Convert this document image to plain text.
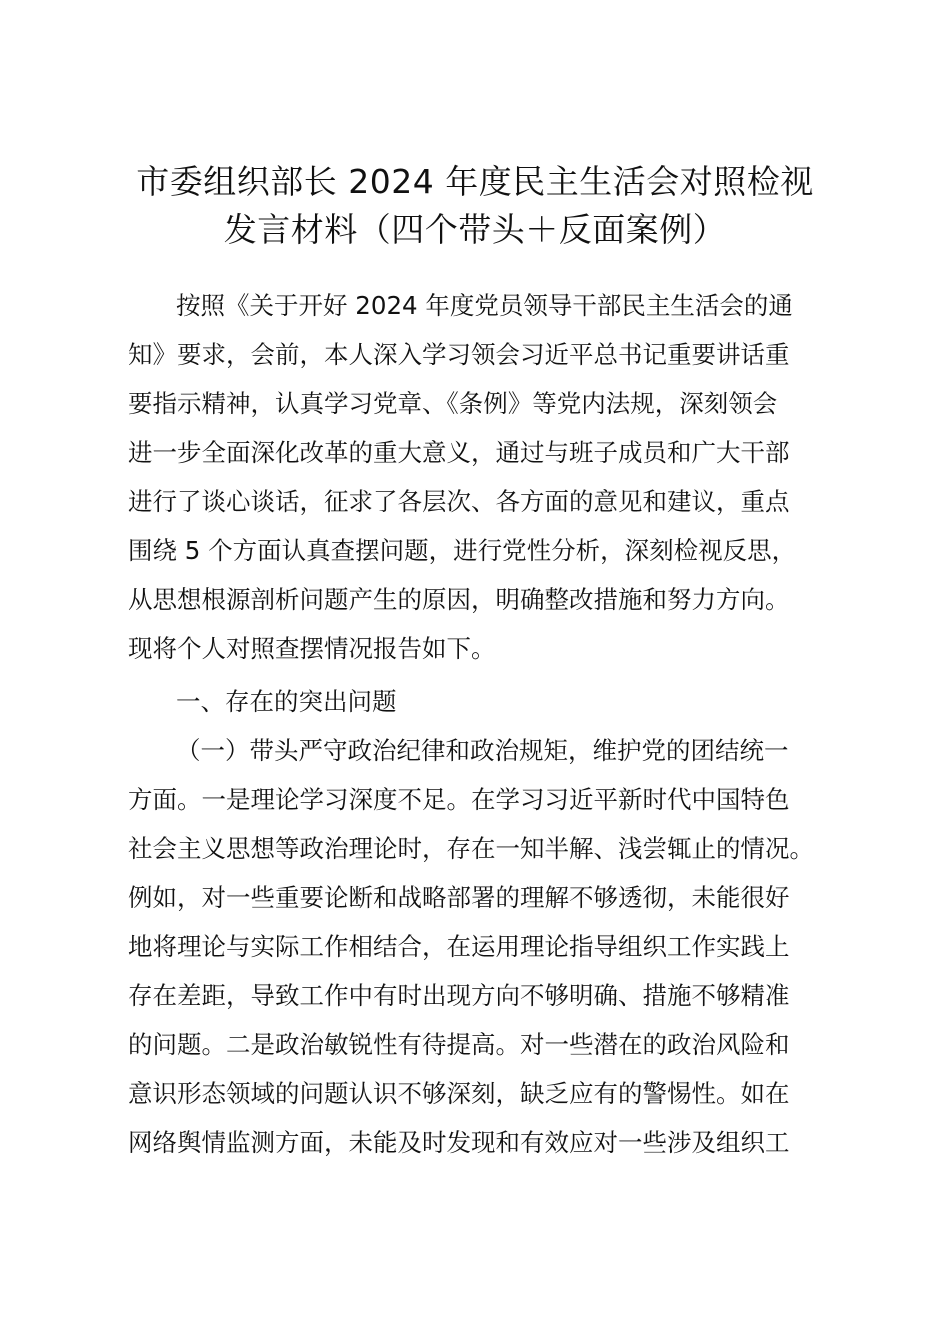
市委组织部长 2024 年度民主生活会对照检视
发言材料（四个带头＋反面案例）
按照《关于开好 2024 年度党员领导干部民主生活会的通
知》要求，会前，本人深入学习领会习近平总书记重要讲话重
要指示精神，认真学习党章、《条例》等党内法规，深刻领会
进一步全面深化改革的重大意义，通过与班子成员和广大干部
进行了谈心谈话，征求了各层次、各方面的意见和建议，重点
围绕 5 个方面认真查摆问题，进行党性分析，深刻检视反思，
从思想根源剖析问题产生的原因，明确整改措施和努力方向。
现将个人对照查摆情况报告如下。
一、存在的突出问题
（一）带头严守政治纪律和政治规矩，维护党的团结统一
方面。一是理论学习深度不足。在学习习近平新时代中国特色
社会主义思想等政治理论时，存在一知半解、浅尝辄止的情况。
例如，对一些重要论断和战略部署的理解不够透彻，未能很好
地将理论与实际工作相结合，在运用理论指导组织工作实践上
存在差距，导致工作中有时出现方向不够明确、措施不够精准
的问题。二是政治敏锐性有待提高。对一些潜在的政治风险和
意识形态领域的问题认识不够深刻，缺乏应有的警惕性。如在
网络舆情监测方面，未能及时发现和有效应对一些涉及组织工
